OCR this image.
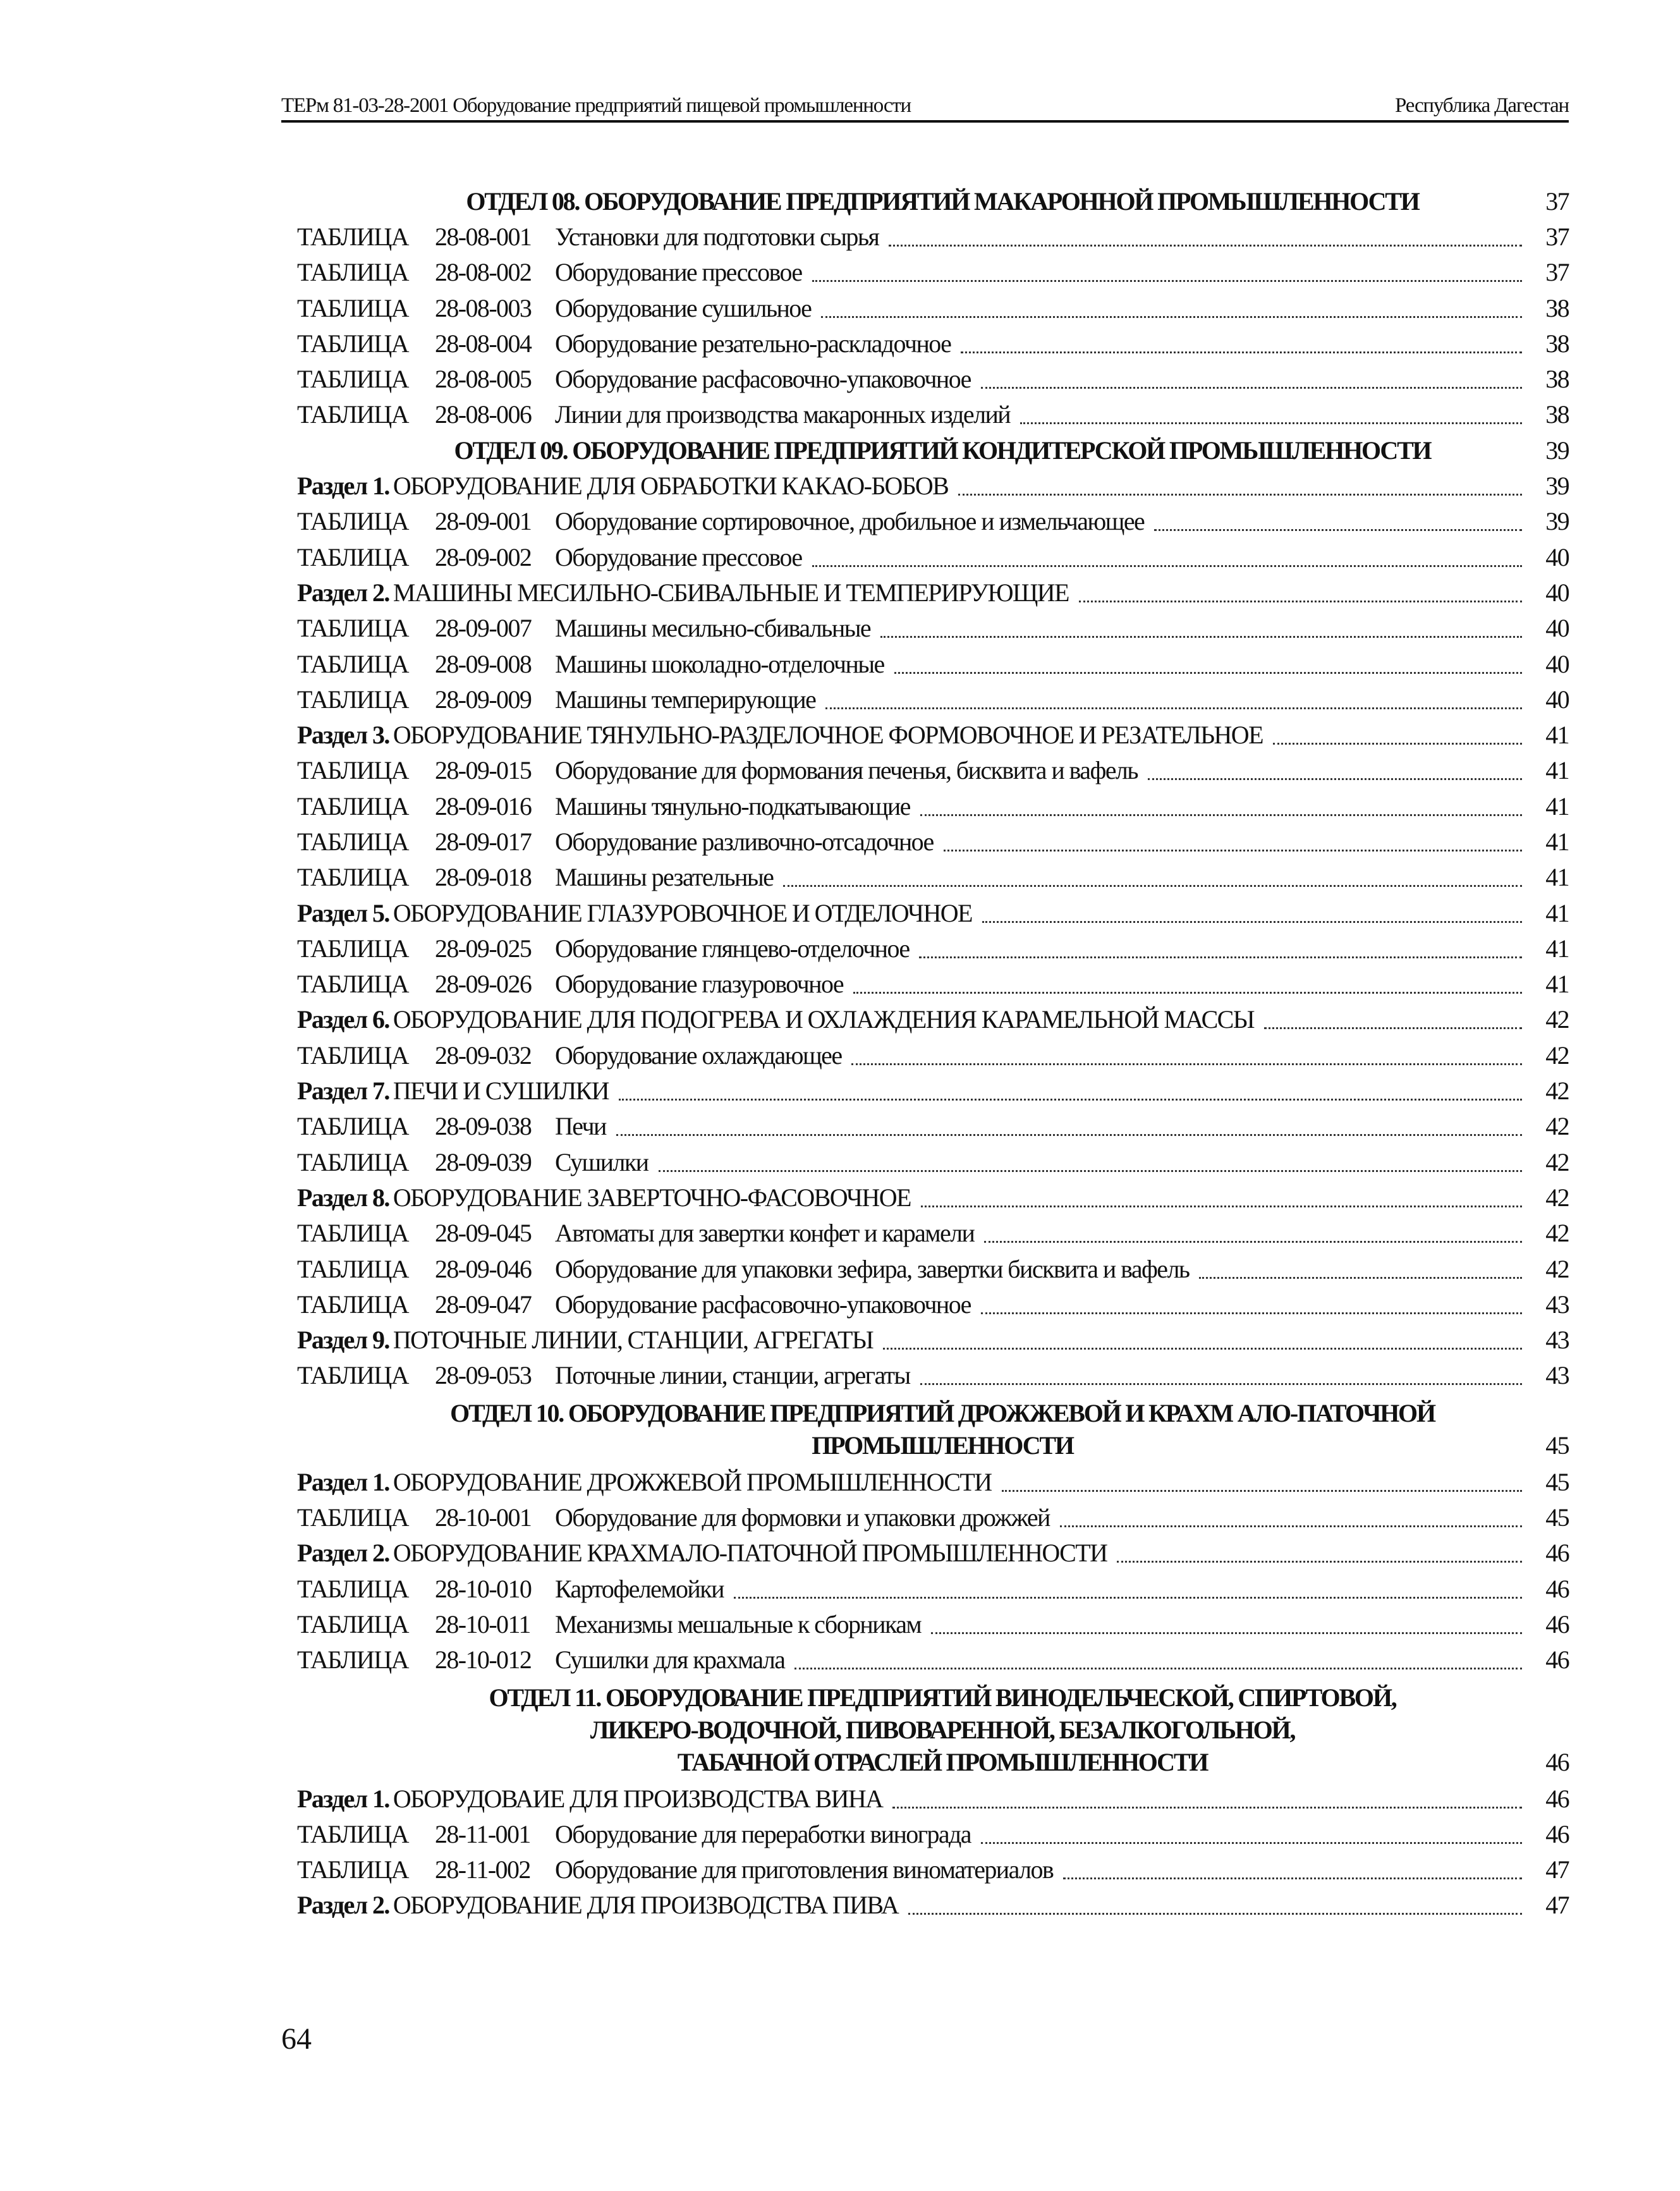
ТЕРм 81-03-28-2001 Оборудование предприятий пищевой промышленности	Республика Дагестан
ОТДЕЛ 08. ОБОРУДОВАНИЕ ПРЕДПРИЯТИЙ МАКАРОННОЙ ПРОМЫШЛЕННОСТИ	37
ТАБЛИЦА	28-08-001 Установки для подготовки сырья	37
ТАБЛИЦА	28-08-002 Оборудование прессовое	37
ТАБЛИЦА	28-08-003 Оборудование сушильное	38
ТАБЛИЦА	28-08-004 Оборудование резательно-раскладочное	38
ТАБЛИЦА	28-08-005 Оборудование расфасовочно-упаковочное	38
ТАБЛИЦА	28-08-006 Линии для производства макаронных изделий	38
ОТДЕЛ 09. ОБОРУДОВАНИЕ ПРЕДПРИЯТИЙ КОНДИТЕРСКОЙ ПРОМЫШЛЕННОСТИ	39
Раздел 1. ОБОРУДОВАНИЕ ДЛЯ ОБРАБОТКИ КАКАО-БОБОВ	39
ТАБЛИЦА	28-09-001 Оборудование сортировочное, дробильное и измельчающее	39
ТАБЛИЦА	28-09-002 Оборудование прессовое	40
Раздел 2. МАШИНЫ МЕСИЛЬНО-СБИВАЛЬНЫЕ И ТЕМПЕРИРУЮЩИЕ	40
ТАБЛИЦА	28-09-007 Машины месильно-сбивальные	40
ТАБЛИЦА	28-09-008 Машины шоколадно-отделочные	40
ТАБЛИЦА	28-09-009 Машины темперирующие	40
Раздел 3. ОБОРУДОВАНИЕ ТЯНУЛЬНО-РАЗДЕЛОЧНОЕ ФОРМОВОЧНОЕ И РЕЗАТЕЛЬНОЕ	41
ТАБЛИЦА	28-09-015 Оборудование для формования печенья, бисквита и вафель	41
ТАБЛИЦА	28-09-016 Машины тянульно-подкатывающие	41
ТАБЛИЦА	28-09-017 Оборудование разливочно-отсадочное	41
ТАБЛИЦА	28-09-018 Машины резательные	41
Раздел 5. ОБОРУДОВАНИЕ ГЛАЗУРОВОЧНОЕ И ОТДЕЛОЧНОЕ	41
ТАБЛИЦА	28-09-025 Оборудование глянцево-отделочное	41
ТАБЛИЦА	28-09-026 Оборудование глазуровочное	41
Раздел 6. ОБОРУДОВАНИЕ ДЛЯ ПОДОГРЕВА И ОХЛАЖДЕНИЯ КАРАМЕЛЬНОЙ МАССЫ	42
ТАБЛИЦА	28-09-032 Оборудование охлаждающее	42
Раздел 7. ПЕЧИ И СУШИЛКИ	42
ТАБЛИЦА	28-09-038 Печи	42
ТАБЛИЦА	28-09-039 Сушилки	42
Раздел 8. ОБОРУДОВАНИЕ ЗАВЕРТОЧНО-ФАСОВОЧНОЕ	42
ТАБЛИЦА	28-09-045 Автоматы для завертки конфет и карамели	42
ТАБЛИЦА	28-09-046 Оборудование для упаковки зефира, завертки бисквита и вафель	42
ТАБЛИЦА	28-09-047 Оборудование расфасовочно-упаковочное	43
Раздел 9. ПОТОЧНЫЕ ЛИНИИ, СТАНЦИИ, АГРЕГАТЫ	43
ТАБЛИЦА	28-09-053 Поточные линии, станции, агрегаты	43
ОТДЕЛ 10. ОБОРУДОВАНИЕ ПРЕДПРИЯТИЙ ДРОЖЖЕВОЙ И КРАХМ АЛО-ПАТОЧНОЙ
ПРОМЫШЛЕННОСТИ	45
Раздел 1. ОБОРУДОВАНИЕ ДРОЖЖЕВОЙ ПРОМЫШЛЕННОСТИ	45
ТАБЛИЦА	28-10-001 Оборудование для формовки и упаковки дрожжей	45
Раздел 2. ОБОРУДОВАНИЕ КРАХМАЛО-ПАТОЧНОЙ ПРОМЫШЛЕННОСТИ	46
ТАБЛИЦА	28-10-010 Картофелемойки	46
ТАБЛИЦА	28-10-011 Механизмы мешальные к сборникам	46
ТАБЛИЦА	28-10-012 Сушилки для крахмала	46
ОТДЕЛ 11. ОБОРУДОВАНИЕ ПРЕДПРИЯТИЙ ВИНОДЕЛЬЧЕСКОЙ, СПИРТОВОЙ,
ЛИКЕРО-ВОДОЧНОЙ, ПИВОВАРЕННОЙ, БЕЗАЛКОГОЛЬНОЙ,
ТАБАЧНОЙ ОТРАСЛЕЙ ПРОМЫШЛЕННОСТИ	46
Раздел 1. ОБОРУДОВАИЕ ДЛЯ ПРОИЗВОДСТВА ВИНА	46
ТАБЛИЦА	28-11-001 Оборудование для переработки винограда	46
ТАБЛИЦА	28-11-002 Оборудование для приготовления виноматериалов	47
Раздел 2. ОБОРУДОВАНИЕ ДЛЯ ПРОИЗВОДСТВА ПИВА	47
64
